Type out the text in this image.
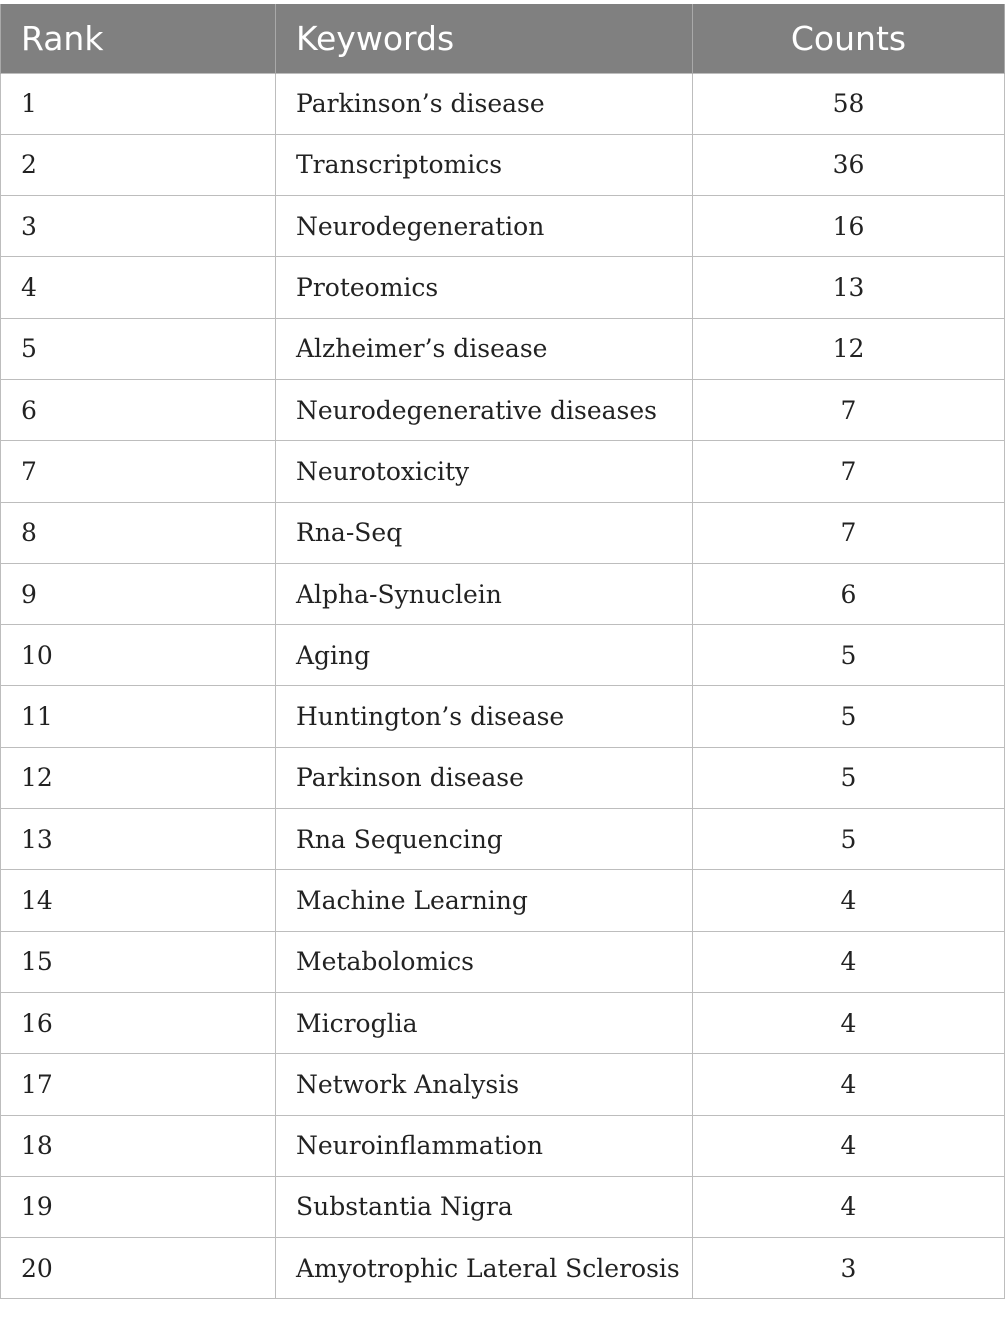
Rank	Keywords	Counts
1	Parkinson’s disease	58
2	Transcriptomics	36
3	Neurodegeneration	16
4	Proteomics	13
5	Alzheimer’s disease	12
6	Neurodegenerative diseases	7
7	Neurotoxicity	7
8	Rna-Seq	7
9	Alpha-Synuclein	6
10	Aging	5
11	Huntington’s disease	5
12	Parkinson disease	5
13	Rna Sequencing	5
14	Machine Learning	4
15	Metabolomics	4
16	Microglia	4
17	Network Analysis	4
18	Neuroinflammation	4
19	Substantia Nigra	4
20	Amyotrophic Lateral Sclerosis	3
